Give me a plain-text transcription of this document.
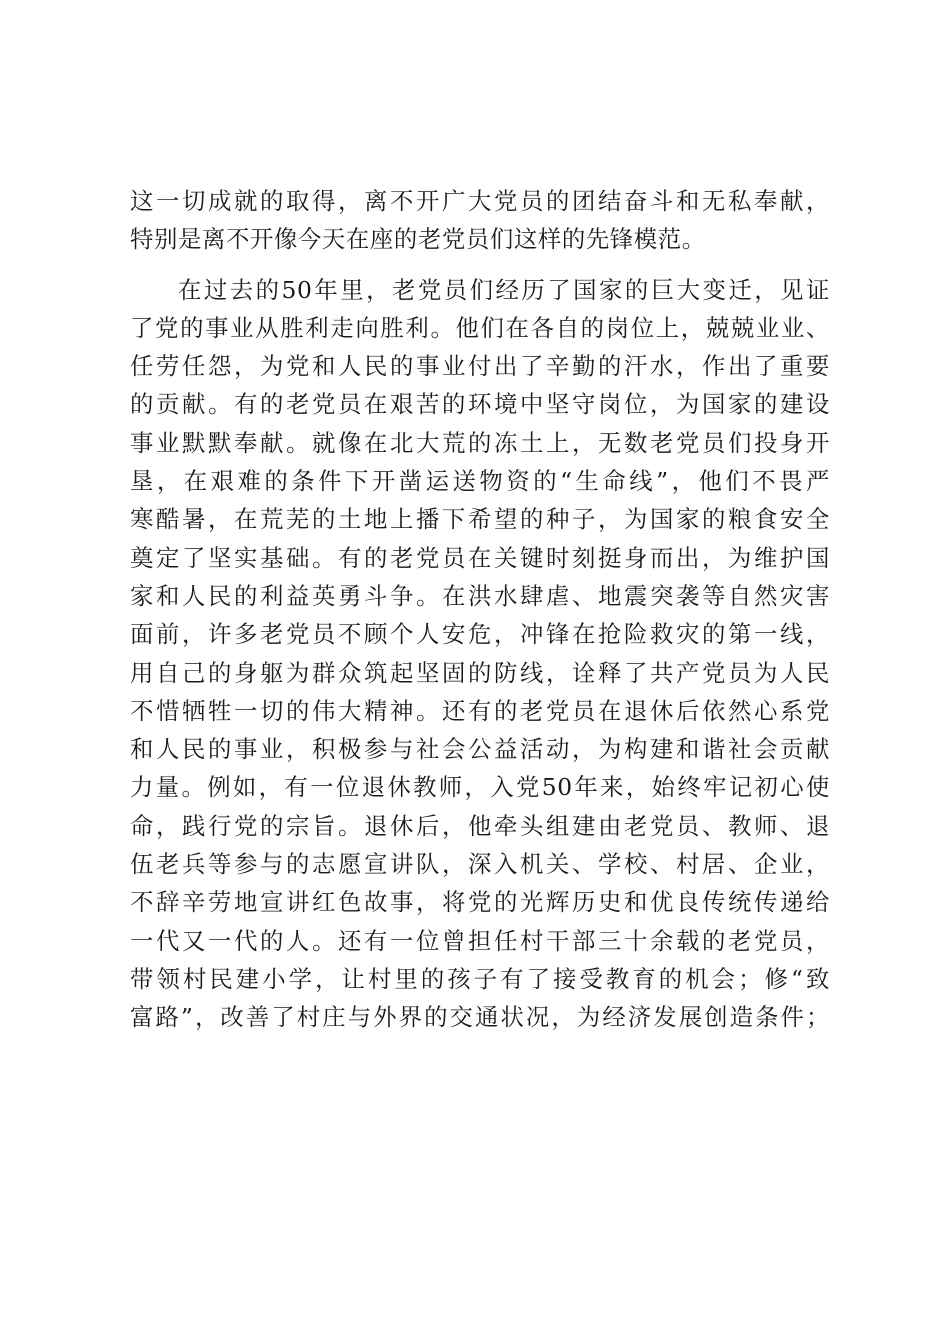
这一切成就的取得，离不开广大党员的团结奋斗和无私奉献，
特别是离不开像今天在座的老党员们这样的先锋模范。
在过去的50年里，老党员们经历了国家的巨大变迁，见证
了党的事业从胜利走向胜利。他们在各自的岗位上，兢兢业业、
任劳任怨，为党和人民的事业付出了辛勤的汗水，作出了重要
的贡献。有的老党员在艰苦的环境中坚守岗位，为国家的建设
事业默默奉献。就像在北大荒的冻土上，无数老党员们投身开
垦，在艰难的条件下开凿运送物资的“生命线”，他们不畏严
寒酷暑，在荒芜的土地上播下希望的种子，为国家的粮食安全
奠定了坚实基础。有的老党员在关键时刻挺身而出，为维护国
家和人民的利益英勇斗争。在洪水肆虐、地震突袭等自然灾害
面前，许多老党员不顾个人安危，冲锋在抢险救灾的第一线，
用自己的身躯为群众筑起坚固的防线，诠释了共产党员为人民
不惜牺牲一切的伟大精神。还有的老党员在退休后依然心系党
和人民的事业，积极参与社会公益活动，为构建和谐社会贡献
力量。例如，有一位退休教师，入党50年来，始终牢记初心使
命，践行党的宗旨。退休后，他牵头组建由老党员、教师、退
伍老兵等参与的志愿宣讲队，深入机关、学校、村居、企业，
不辞辛劳地宣讲红色故事，将党的光辉历史和优良传统传递给
一代又一代的人。还有一位曾担任村干部三十余载的老党员，
带领村民建小学，让村里的孩子有了接受教育的机会；修“致
富路”，改善了村庄与外界的交通状况，为经济发展创造条件；
